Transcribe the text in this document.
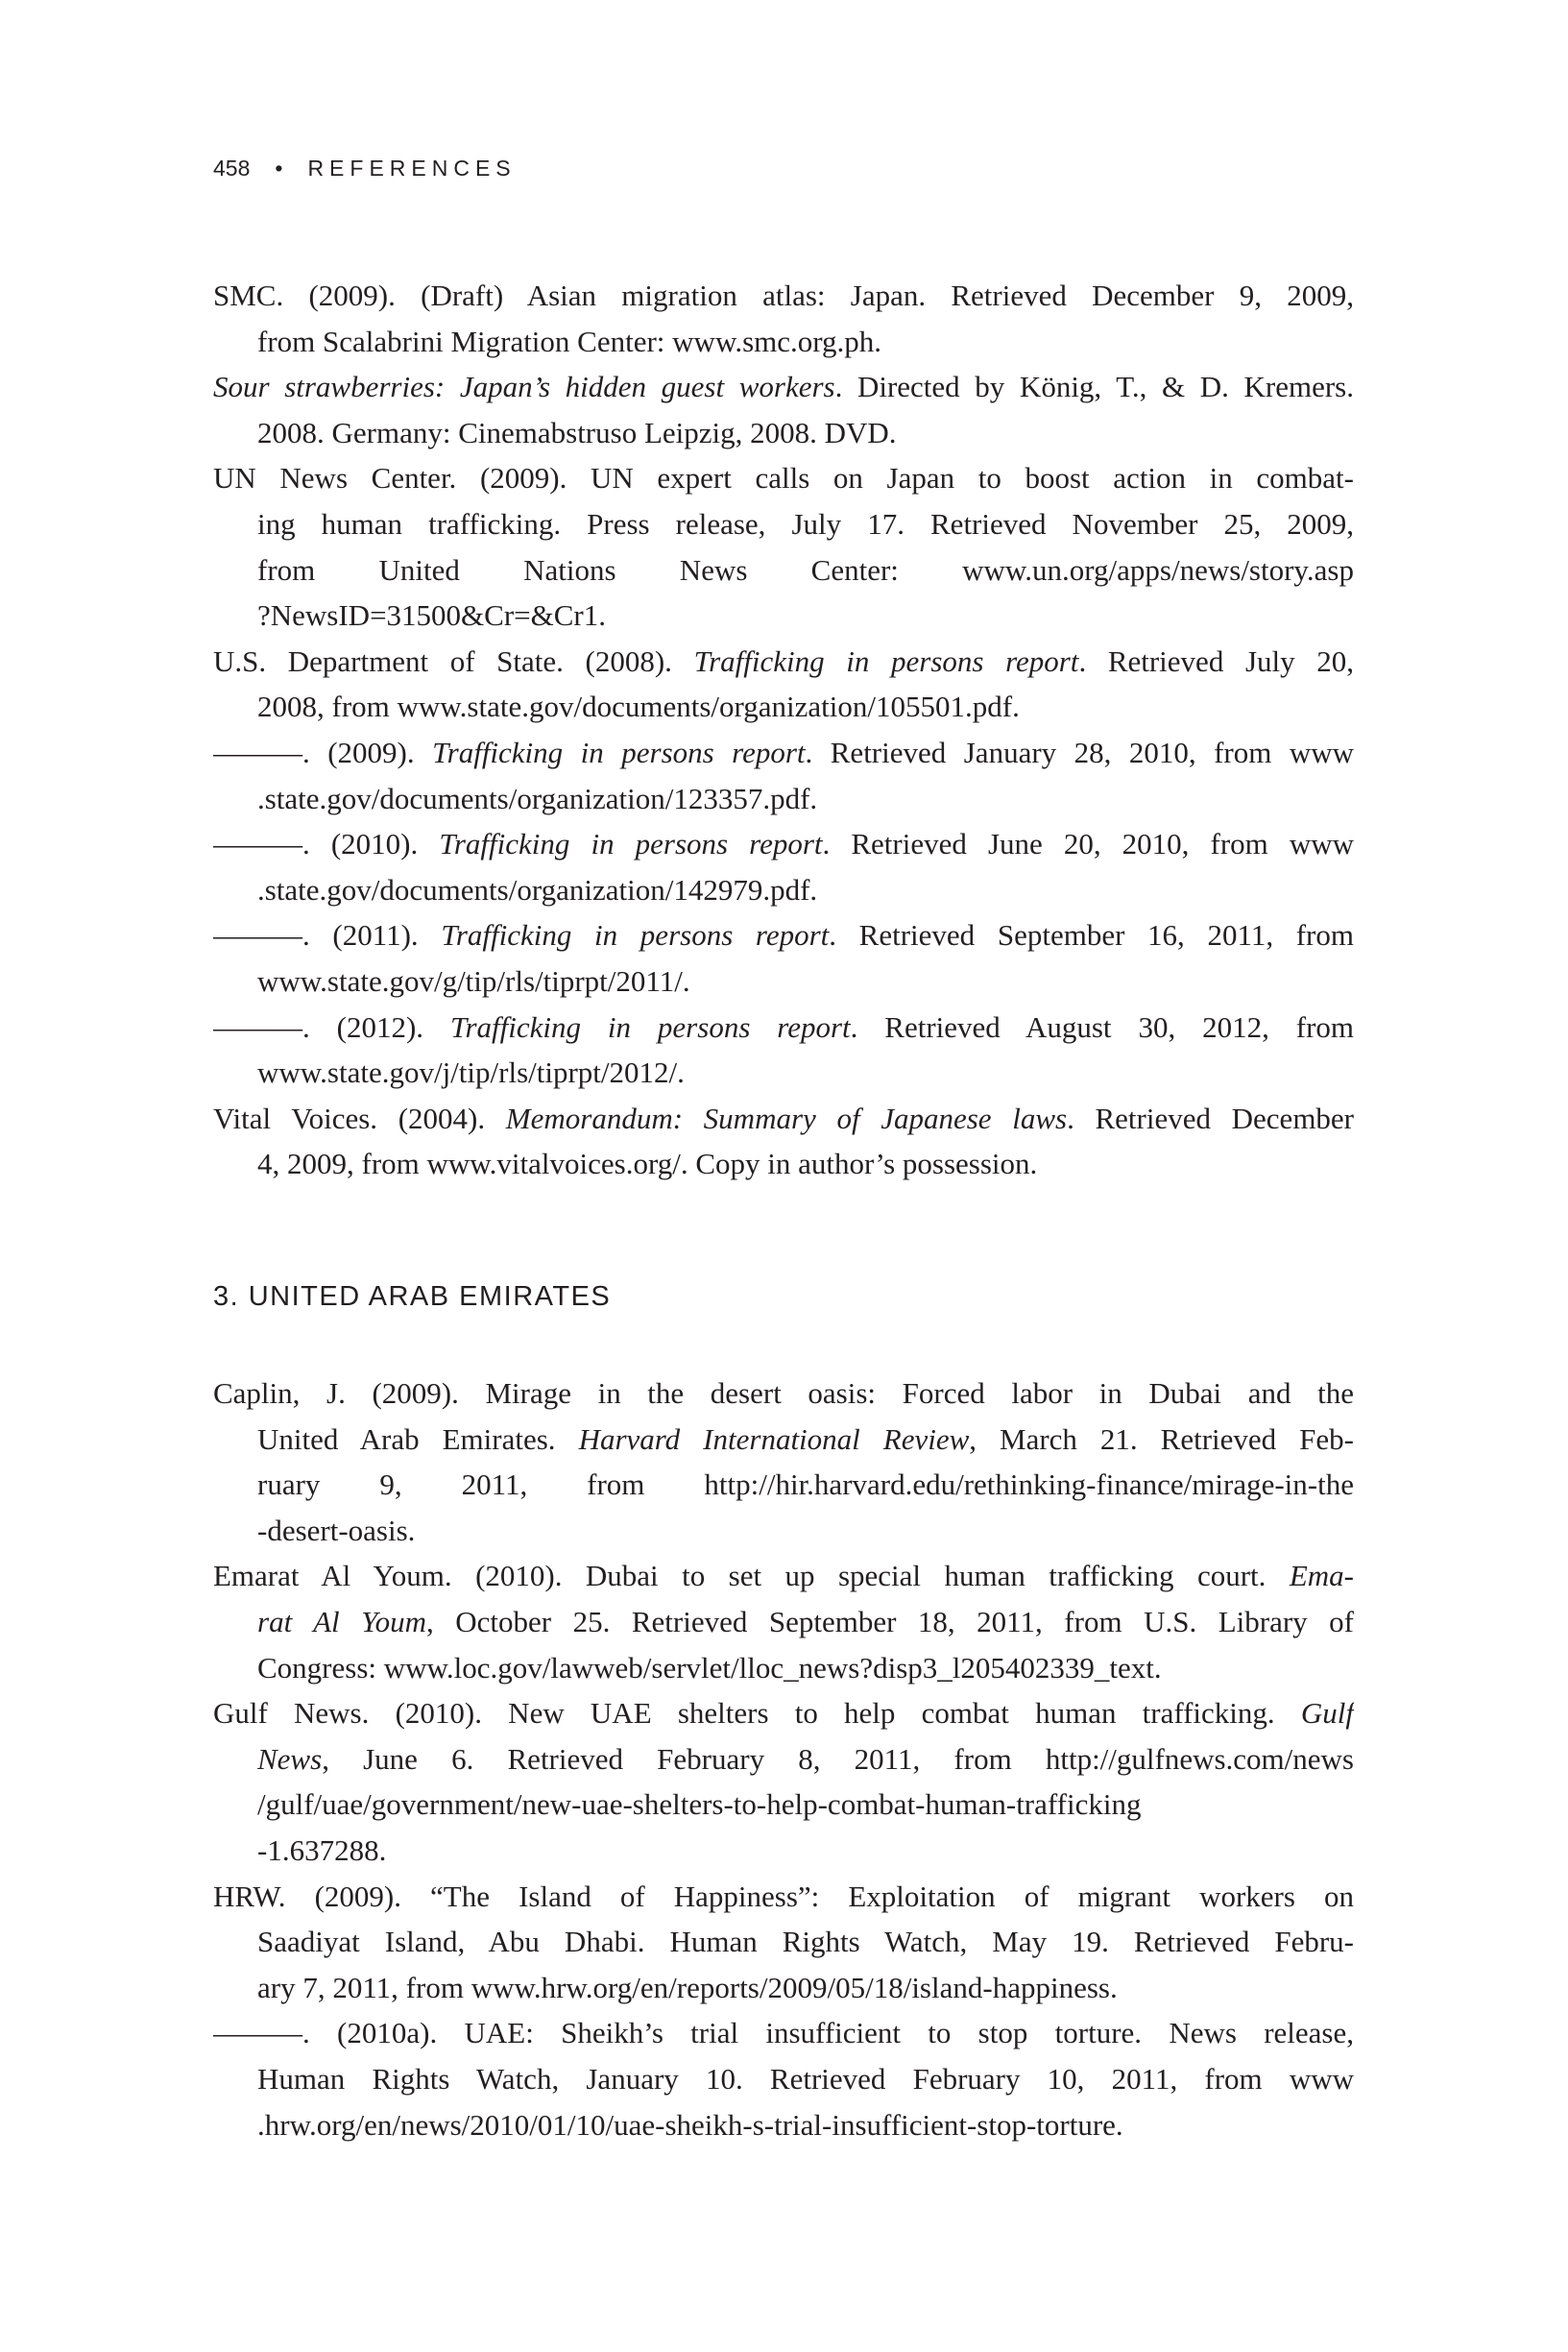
458 • REFERENCES
SMC. (2009). (Draft) Asian migration atlas: Japan. Retrieved December 9, 2009,
from Scalabrini Migration Center: www.smc.org.ph.
Sour strawberries: Japan’s hidden guest workers. Directed by König, T., & D. Kremers.
2008. Germany: Cinemabstruso Leipzig, 2008. DVD.
UN News Center. (2009). UN expert calls on Japan to boost action in combat-
ing human trafficking. Press release, July 17. Retrieved November 25, 2009,
from United Nations News Center: www.un.org/apps/news/story.asp
?NewsID=31500&Cr=&Cr1.
U.S. Department of State. (2008). Trafficking in persons report. Retrieved July 20,
2008, from www.state.gov/documents/organization/105501.pdf.
———. (2009). Trafficking in persons report. Retrieved January 28, 2010, from www
.state.gov/documents/organization/123357.pdf.
———. (2010). Trafficking in persons report. Retrieved June 20, 2010, from www
.state.gov/documents/organization/142979.pdf.
———. (2011). Trafficking in persons report. Retrieved September 16, 2011, from
www.state.gov/g/tip/rls/tiprpt/2011/.
———. (2012). Trafficking in persons report. Retrieved August 30, 2012, from
www.state.gov/j/tip/rls/tiprpt/2012/.
Vital Voices. (2004). Memorandum: Summary of Japanese laws. Retrieved December
4, 2009, from www.vitalvoices.org/. Copy in author’s possession.
3. UNITED ARAB EMIRATES
Caplin, J. (2009). Mirage in the desert oasis: Forced labor in Dubai and the
United Arab Emirates. Harvard International Review, March 21. Retrieved Feb-
ruary 9, 2011, from http://hir.harvard.edu/rethinking-finance/mirage-in-the
-desert-oasis.
Emarat Al Youm. (2010). Dubai to set up special human trafficking court. Ema-
rat Al Youm, October 25. Retrieved September 18, 2011, from U.S. Library of
Congress: www.loc.gov/lawweb/servlet/lloc_news?disp3_l205402339_text.
Gulf News. (2010). New UAE shelters to help combat human trafficking. Gulf
News, June 6. Retrieved February 8, 2011, from http://gulfnews.com/news
/gulf/uae/government/new-uae-shelters-to-help-combat-human-trafficking
-1.637288.
HRW. (2009). “The Island of Happiness”: Exploitation of migrant workers on
Saadiyat Island, Abu Dhabi. Human Rights Watch, May 19. Retrieved Febru-
ary 7, 2011, from www.hrw.org/en/reports/2009/05/18/island-happiness.
———. (2010a). UAE: Sheikh’s trial insufficient to stop torture. News release,
Human Rights Watch, January 10. Retrieved February 10, 2011, from www
.hrw.org/en/news/2010/01/10/uae-sheikh-s-trial-insufficient-stop-torture.
